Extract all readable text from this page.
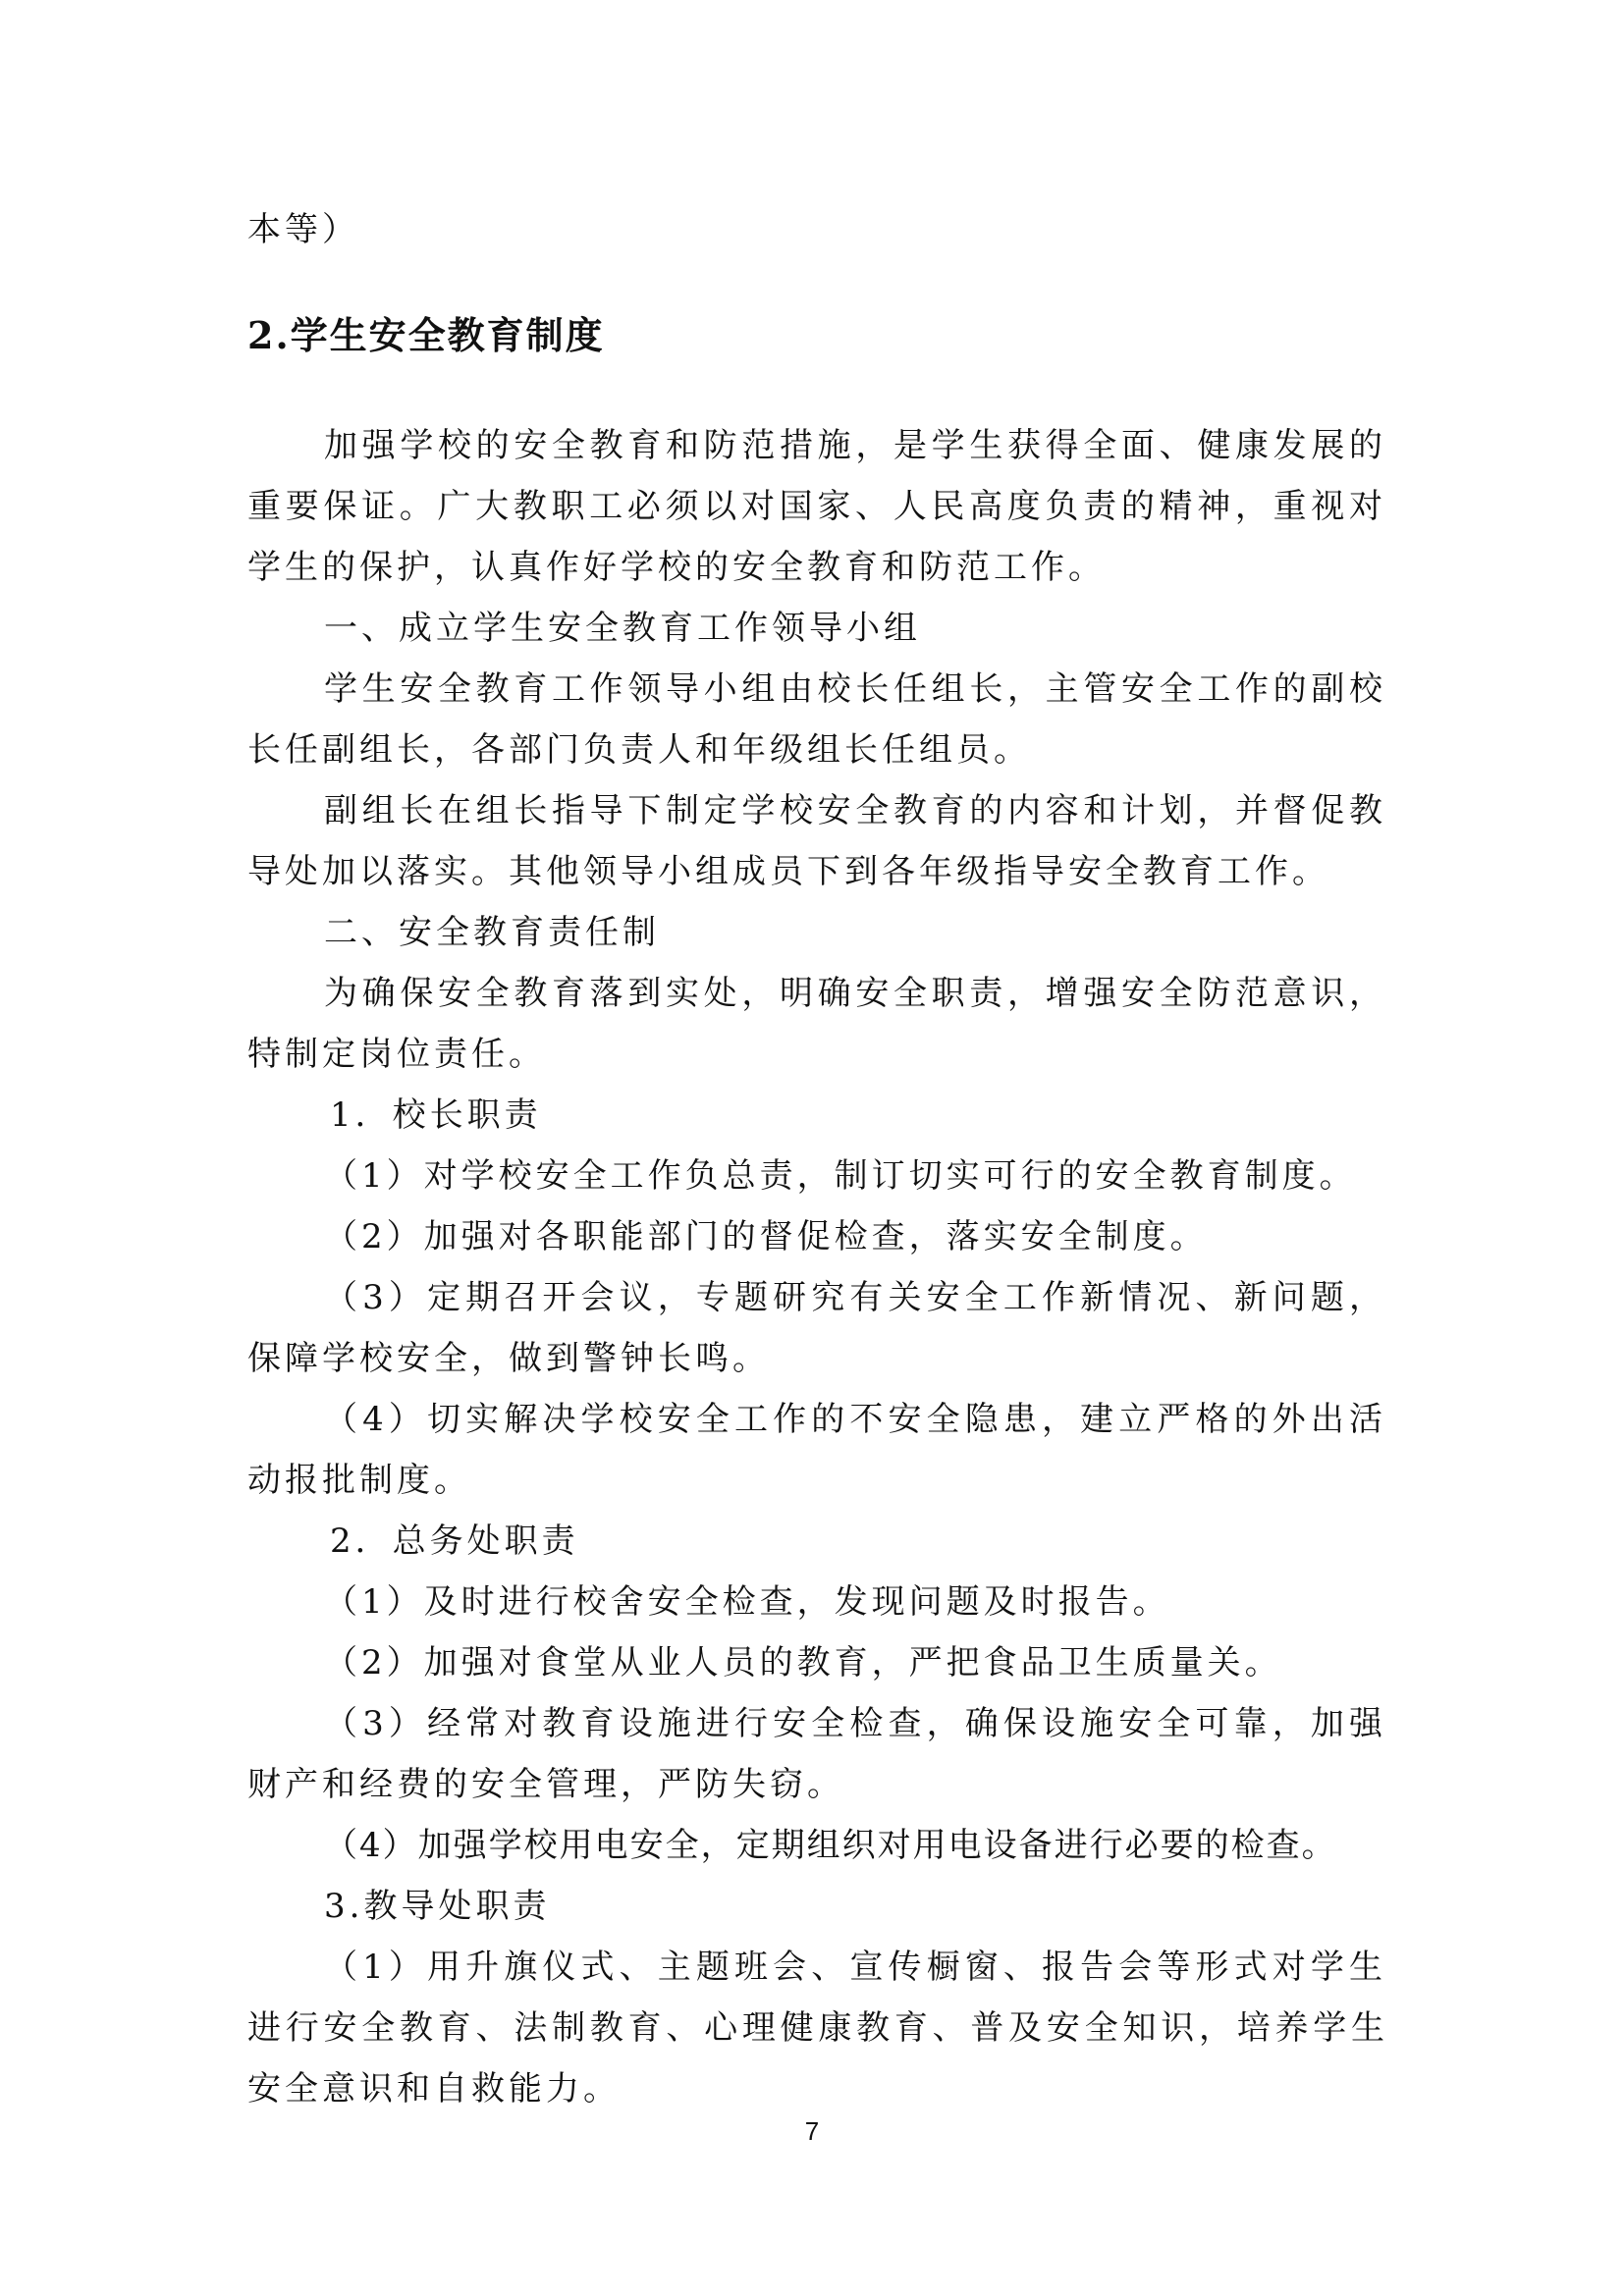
本等）
2.学生安全教育制度
加强学校的安全教育和防范措施，是学生获得全面、健康发展的
重要保证。广大教职工必须以对国家、人民高度负责的精神，重视对
学生的保护，认真作好学校的安全教育和防范工作。
一、成立学生安全教育工作领导小组
学生安全教育工作领导小组由校长任组长，主管安全工作的副校
长任副组长，各部门负责人和年级组长任组员。
副组长在组长指导下制定学校安全教育的内容和计划，并督促教
导处加以落实。其他领导小组成员下到各年级指导安全教育工作。
二、安全教育责任制
为确保安全教育落到实处，明确安全职责，增强安全防范意识，
特制定岗位责任。
1．校长职责
（1）对学校安全工作负总责，制订切实可行的安全教育制度。
（2）加强对各职能部门的督促检查，落实安全制度。
（3）定期召开会议，专题研究有关安全工作新情况、新问题，
保障学校安全，做到警钟长鸣。
（4）切实解决学校安全工作的不安全隐患，建立严格的外出活
动报批制度。
2．总务处职责
（1）及时进行校舍安全检查，发现问题及时报告。
（2）加强对食堂从业人员的教育，严把食品卫生质量关。
（3）经常对教育设施进行安全检查，确保设施安全可靠，加强
财产和经费的安全管理，严防失窃。
（4）加强学校用电安全，定期组织对用电设备进行必要的检查。
3.教导处职责
（1）用升旗仪式、主题班会、宣传橱窗、报告会等形式对学生
进行安全教育、法制教育、心理健康教育、普及安全知识，培养学生
安全意识和自救能力。
7
